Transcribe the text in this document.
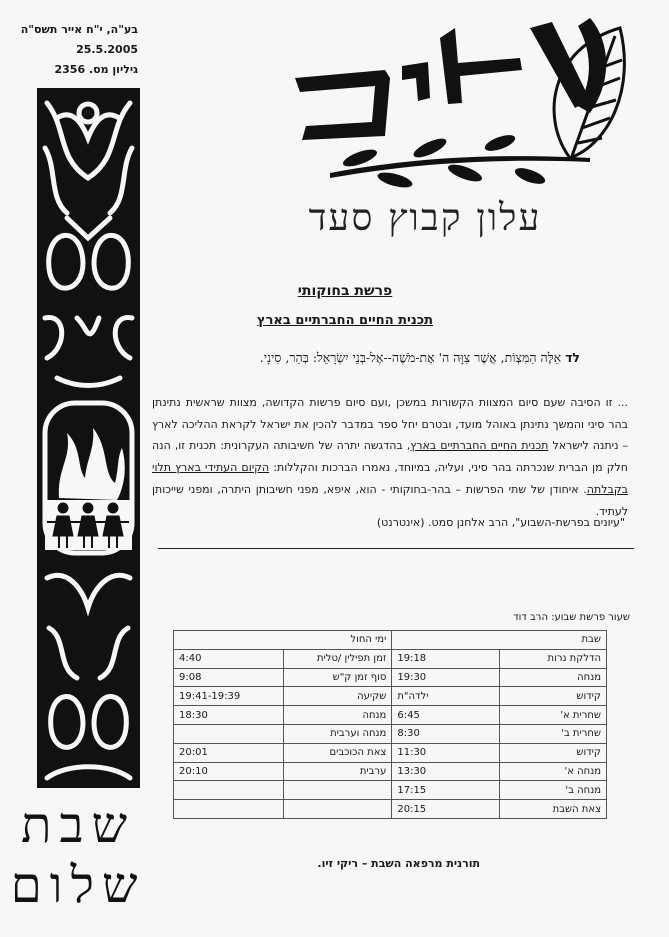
בע"ה, י"ח אייר תשס"ה
25.5.2005
גיליון מס. 2356
שבת
שלום
עלון קבוץ סעד
פרשת בחוקותי
תכנית החיים החברתיים בארץ
לד אֵלֶּה הַמִּצְוֹת, אֲשֶׁר צִוָּה ה' אֶת-מֹשֶׁה--אֶל-בְּנֵי יִשְׂרָאֵל: בְּהַר, סִינָי.
... זו הסיבה שעם סיום המצוות הקשורות במשכן ,ועם סיום פרשות הקדושה, מצוות שראשית נתינתן בהר סיני והמשך נתינתן באוהל מועד, ובטרם יחל ספר במדבר להכין את ישראל לקראת ההליכה לארץ – ניתנה לישראל תכנית החיים החברתיים בארץ, בהדגשה יתרה של חשיבותה העקרונית: תכנית זו, הנה חלק מן הברית שנכרתה בהר סיני, ועליה, במיוחד, נאמרו הברכות והקללות: הקיום העתידי בארץ תלוי בקבלתה. איחודן של שתי הפרשות – בהר-בחוקותי - הוא, איפא, מפני חשיבותן היתרה, ומפני שייכותן לעתיד.
"עיונים בפרשת-השבוע", הרב אלחנן סמט. (אינטרנט)
שעור פרשת שבוע: הרב דוד
שבת		ימי החול	
הדלקת נרות	19:18	זמן תפילין /טלית	4:40
מנחה	19:30	סוף זמן ק"ש	9:08
קידוש	ילדה"ת	שקיעה	19:41-19:39
שחרית א'	6:45	מנחה	18:30
שחרית ב'	8:30	מנחה וערבית	
קידוש	11:30	צאת הכוכבים	20:01
מנחה א'	13:30	ערבית	20:10
מנחה ב'	17:15		
צאת השבת	20:15		
תורנית מרפאה השבת – ריקי זיו.
